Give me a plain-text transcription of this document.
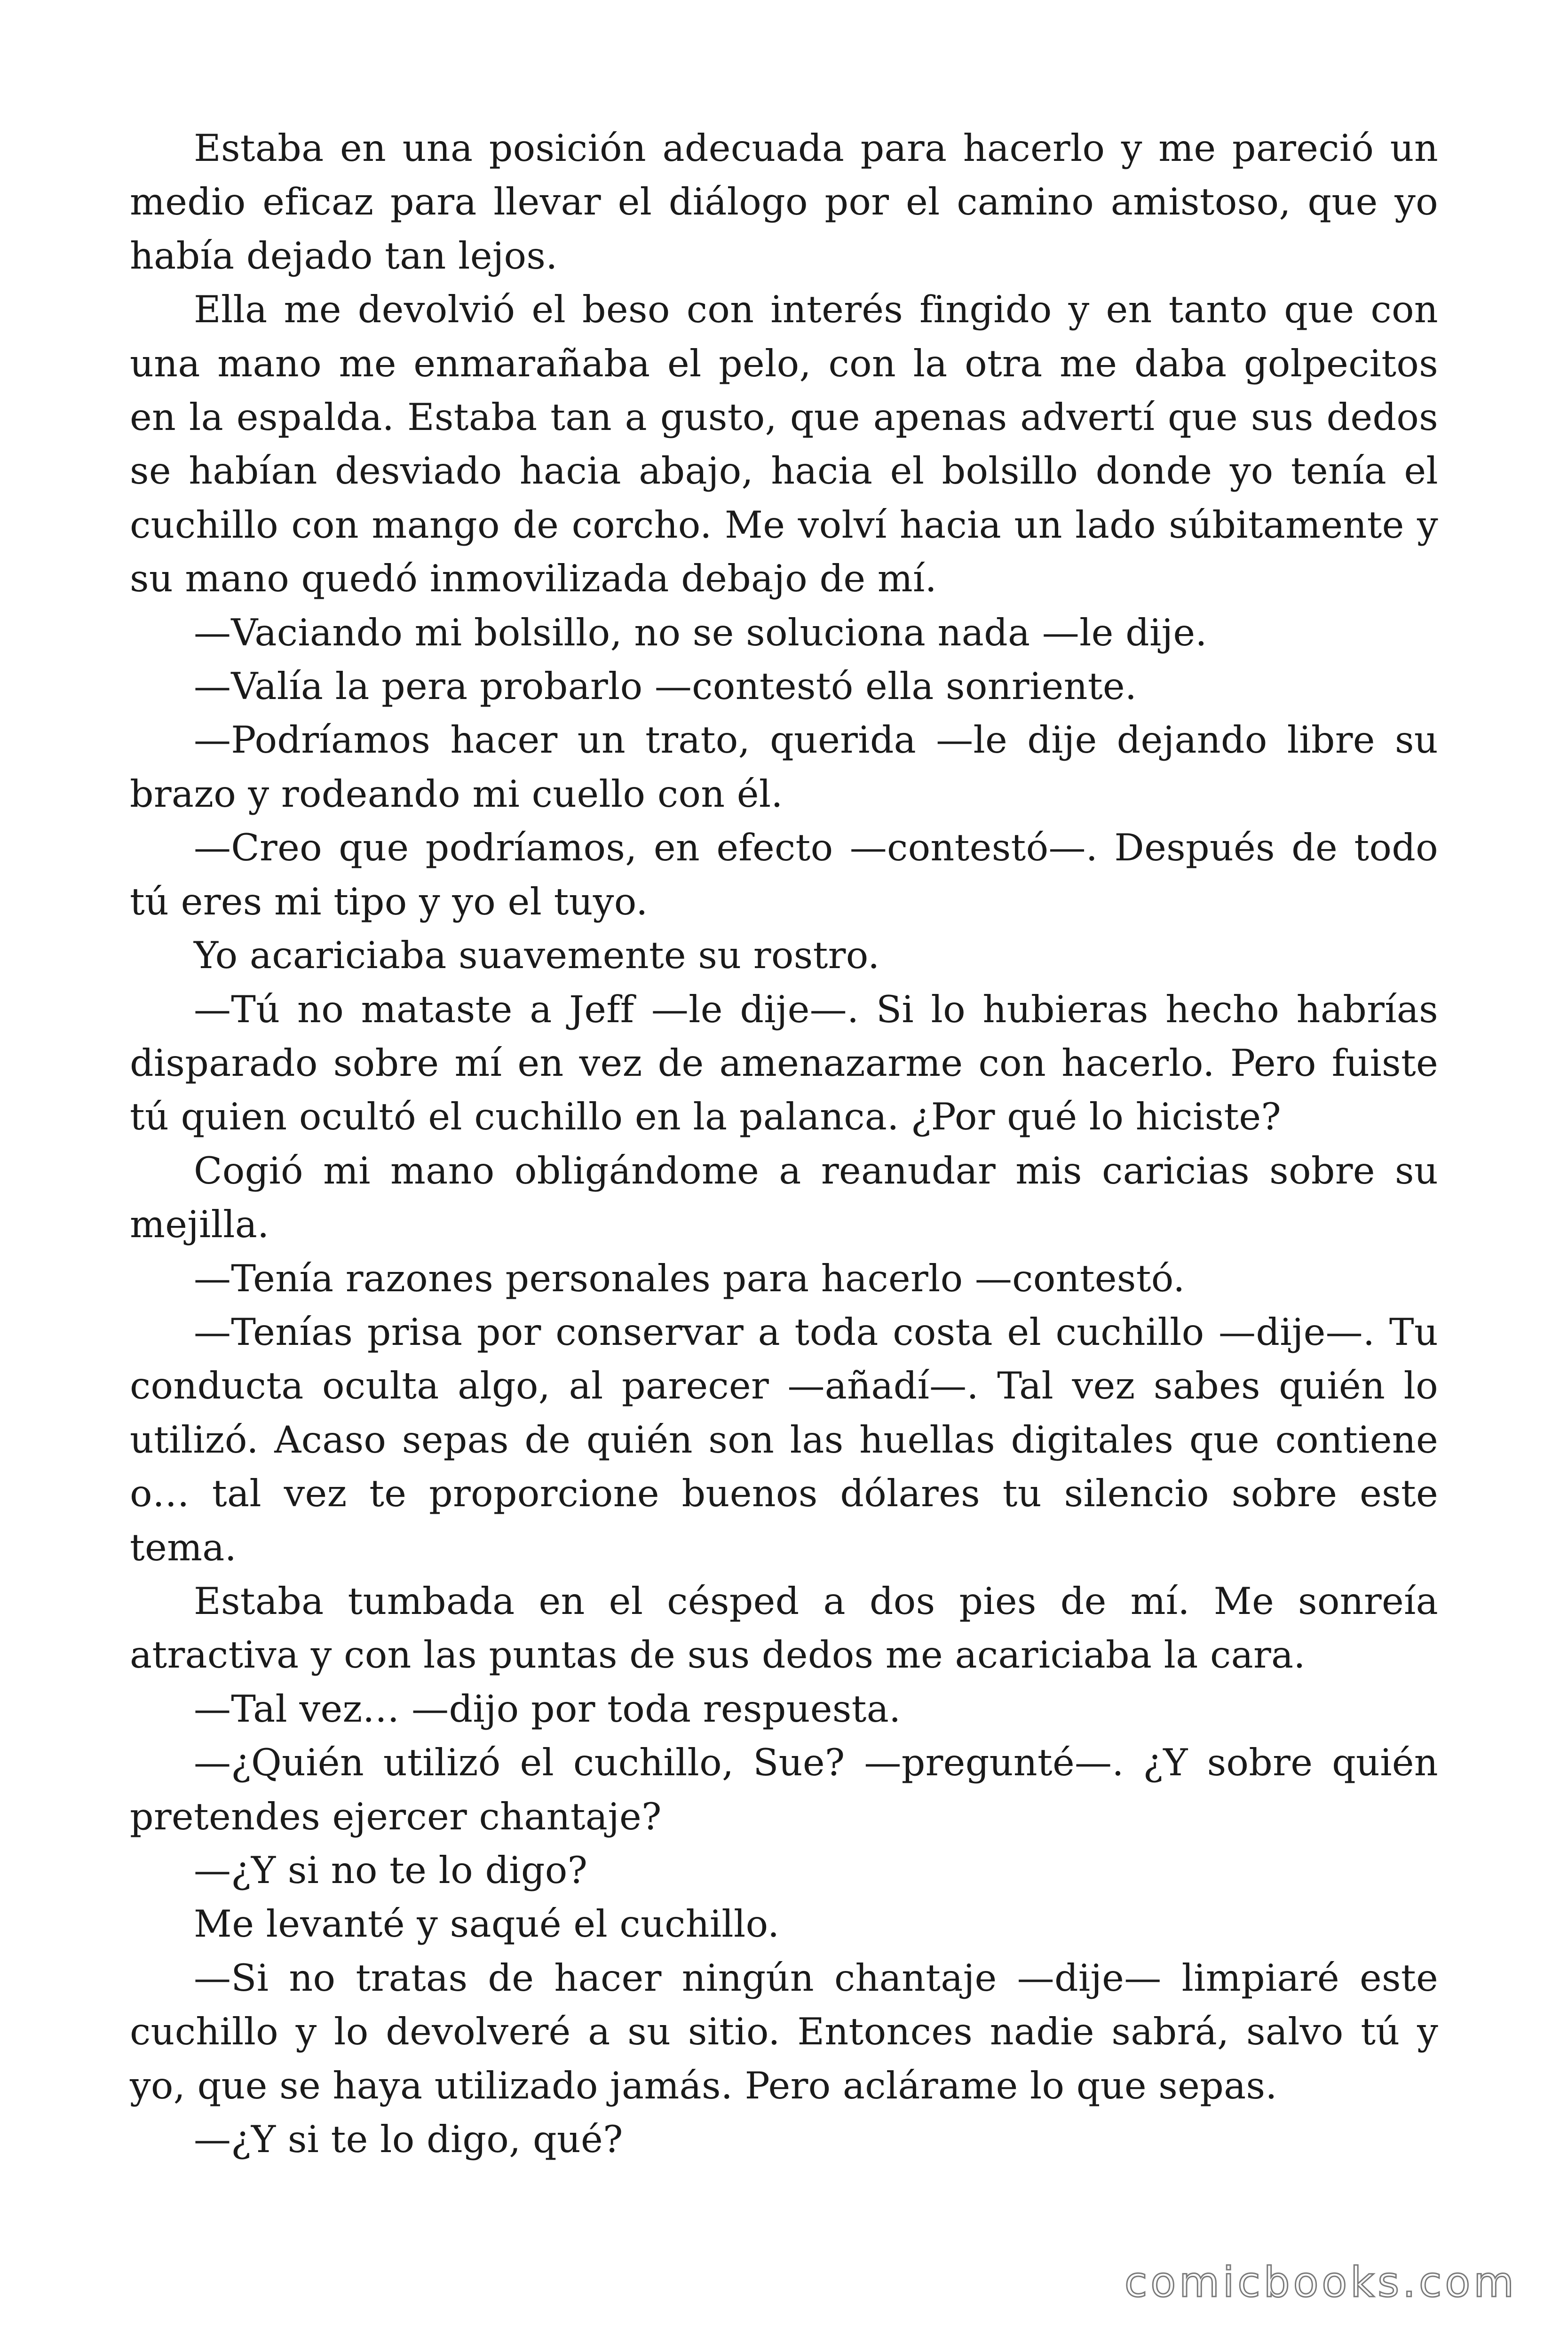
Estaba en una posición adecuada para hacerlo y me pareció un medio eficaz para llevar el diálogo por el camino amistoso, que yo había dejado tan lejos.

Ella me devolvió el beso con interés fingido y en tanto que con una mano me enmarañaba el pelo, con la otra me daba golpecitos en la espalda. Estaba tan a gusto, que apenas advertí que sus dedos se habían desviado hacia abajo, hacia el bolsillo donde yo tenía el cuchillo con mango de corcho. Me volví hacia un lado súbitamente y su mano quedó inmovilizada debajo de mí.

—Vaciando mi bolsillo, no se soluciona nada —le dije.

—Valía la pera probarlo —contestó ella sonriente.

—Podríamos hacer un trato, querida —le dije dejando libre su brazo y rodeando mi cuello con él.

—Creo que podríamos, en efecto —contestó—. Después de todo tú eres mi tipo y yo el tuyo.

Yo acariciaba suavemente su rostro.

—Tú no mataste a Jeff —le dije—. Si lo hubieras hecho habrías disparado sobre mí en vez de amenazarme con hacerlo. Pero fuiste tú quien ocultó el cuchillo en la palanca. ¿Por qué lo hiciste?

Cogió mi mano obligándome a reanudar mis caricias sobre su mejilla.

—Tenía razones personales para hacerlo —contestó.

—Tenías prisa por conservar a toda costa el cuchillo —dije—. Tu conducta oculta algo, al parecer —añadí—. Tal vez sabes quién lo utilizó. Acaso sepas de quién son las huellas digitales que contiene o… tal vez te proporcione buenos dólares tu silencio sobre este tema.

Estaba tumbada en el césped a dos pies de mí. Me sonreía atractiva y con las puntas de sus dedos me acariciaba la cara.

—Tal vez… —dijo por toda respuesta.

—¿Quién utilizó el cuchillo, Sue? —pregunté—. ¿Y sobre quién pretendes ejercer chantaje?

—¿Y si no te lo digo?

Me levanté y saqué el cuchillo.

—Si no tratas de hacer ningún chantaje —dije— limpiaré este cuchillo y lo devolveré a su sitio. Entonces nadie sabrá, salvo tú y yo, que se haya utilizado jamás. Pero aclárame lo que sepas.

—¿Y si te lo digo, qué?

comicbooks.com
